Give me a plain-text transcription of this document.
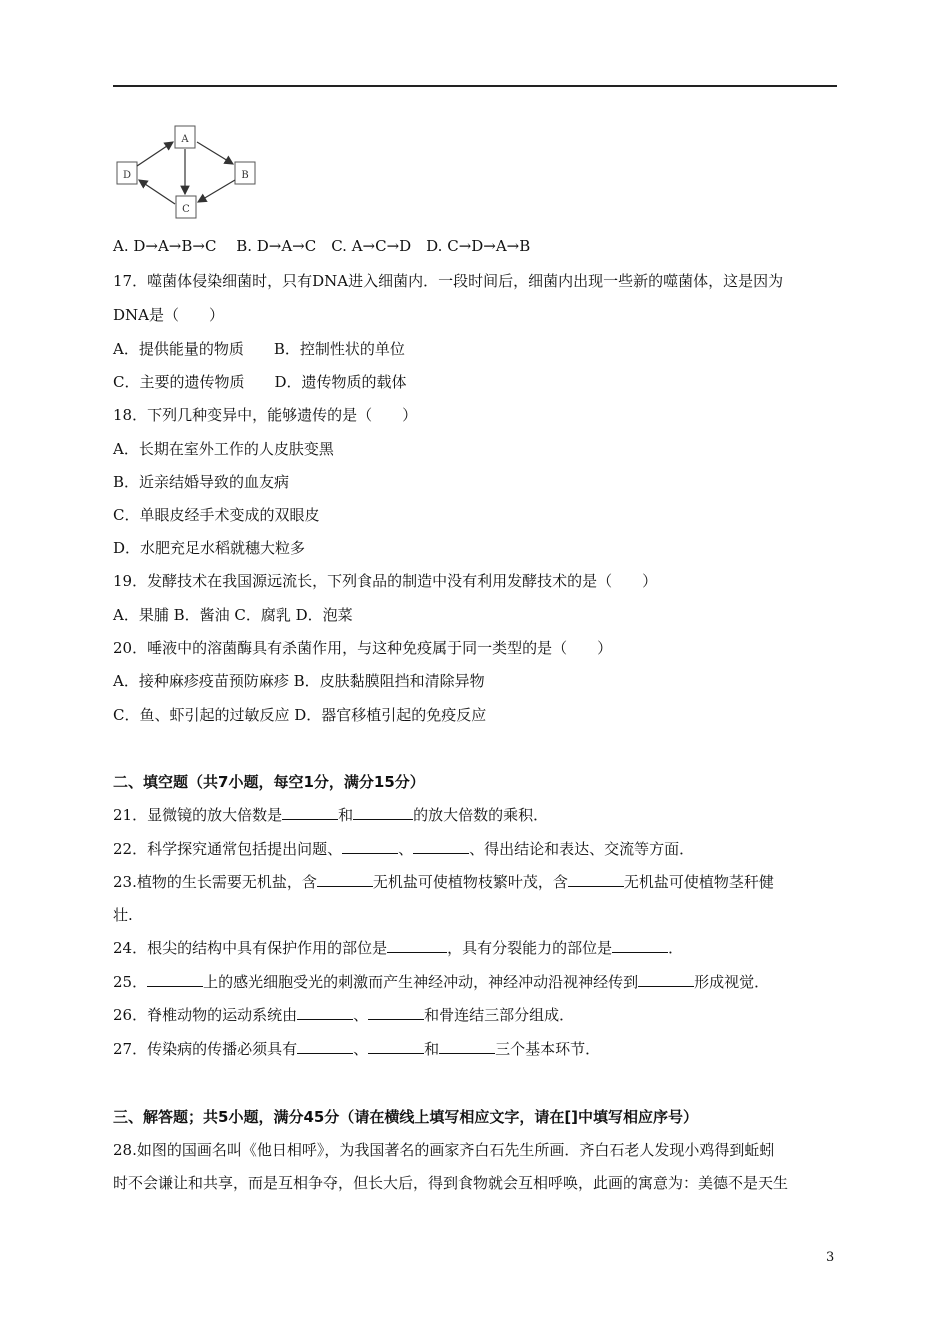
A
B
C
D
A. D→A→B→C　 B. D→A→C　C. A→C→D　D. C→D→A→B
17．噬菌体侵染细菌时，只有DNA进入细菌内．一段时间后，细菌内出现一些新的噬菌体，这是因为
DNA是（　　）
A．提供能量的物质　　B．控制性状的单位
C．主要的遗传物质　　D．遗传物质的载体
18．下列几种变异中，能够遗传的是（　　）
A．长期在室外工作的人皮肤变黑
B．近亲结婚导致的血友病
C．单眼皮经手术变成的双眼皮
D．水肥充足水稻就穗大粒多
19．发酵技术在我国源远流长，下列食品的制造中没有利用发酵技术的是（　　）
A．果脯 B．酱油 C．腐乳 D．泡菜
20．唾液中的溶菌酶具有杀菌作用，与这种免疫属于同一类型的是（　　）
A．接种麻疹疫苗预防麻疹 B．皮肤黏膜阻挡和清除异物
C．鱼、虾引起的过敏反应 D．器官移植引起的免疫反应
二、填空题（共7小题，每空1分，满分15分）
21．显微镜的放大倍数是	和	的放大倍数的乘积．
22．科学探究通常包括提出问题、	、	、得出结论和表达、交流等方面．
23.植物的生长需要无机盐，含	无机盐可使植物枝繁叶茂，含	无机盐可使植物茎秆健
壮.
24．根尖的结构中具有保护作用的部位是	，具有分裂能力的部位是	．
25．	上的感光细胞受光的刺激而产生神经冲动，神经冲动沿视神经传到	形成视觉．
26．脊椎动物的运动系统由	、	和骨连结三部分组成．
27．传染病的传播必须具有	、	和	三个基本环节．
三、解答题；共5小题，满分45分（请在横线上填写相应文字，请在[]中填写相应序号）
28.如图的国画名叫《他日相呼》，为我国著名的画家齐白石先生所画．齐白石老人发现小鸡得到蚯蚓
时不会谦让和共享，而是互相争夺，但长大后，得到食物就会互相呼唤，此画的寓意为：美德不是天生
3
